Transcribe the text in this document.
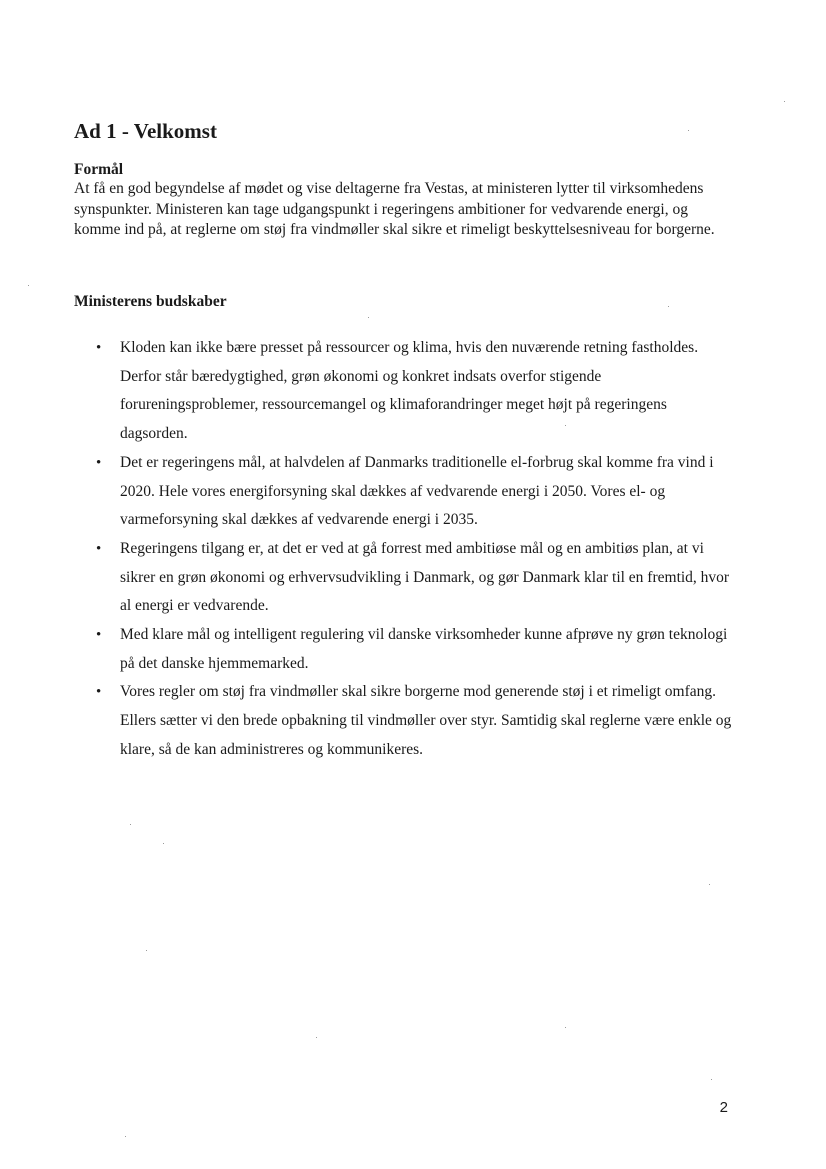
Ad 1 - Velkomst

Formål

At få en god begyndelse af mødet og vise deltagerne fra Vestas, at ministeren lytter til virksomhedens synspunkter. Ministeren kan tage udgangspunkt i regeringens ambitioner for vedvarende energi, og komme ind på, at reglerne om støj fra vindmøller skal sikre et rimeligt beskyttelsesniveau for borgerne.

Ministerens budskaber

• Kloden kan ikke bære presset på ressourcer og klima, hvis den nuværende retning fastholdes. Derfor står bæredygtighed, grøn økonomi og konkret indsats overfor stigende forureningsproblemer, ressourcemangel og klimaforandringer meget højt på regeringens dagsorden.
• Det er regeringens mål, at halvdelen af Danmarks traditionelle el-forbrug skal komme fra vind i 2020. Hele vores energiforsyning skal dækkes af vedvarende energi i 2050. Vores el- og varmeforsyning skal dækkes af vedvarende energi i 2035.
• Regeringens tilgang er, at det er ved at gå forrest med ambitiøse mål og en ambitiøs plan, at vi sikrer en grøn økonomi og erhvervsudvikling i Danmark, og gør Danmark klar til en fremtid, hvor al energi er vedvarende.
• Med klare mål og intelligent regulering vil danske virksomheder kunne afprøve ny grøn teknologi på det danske hjemmemarked.
• Vores regler om støj fra vindmøller skal sikre borgerne mod generende støj i et rimeligt omfang. Ellers sætter vi den brede opbakning til vindmøller over styr. Samtidig skal reglerne være enkle og klare, så de kan administreres og kommunikeres.

2
